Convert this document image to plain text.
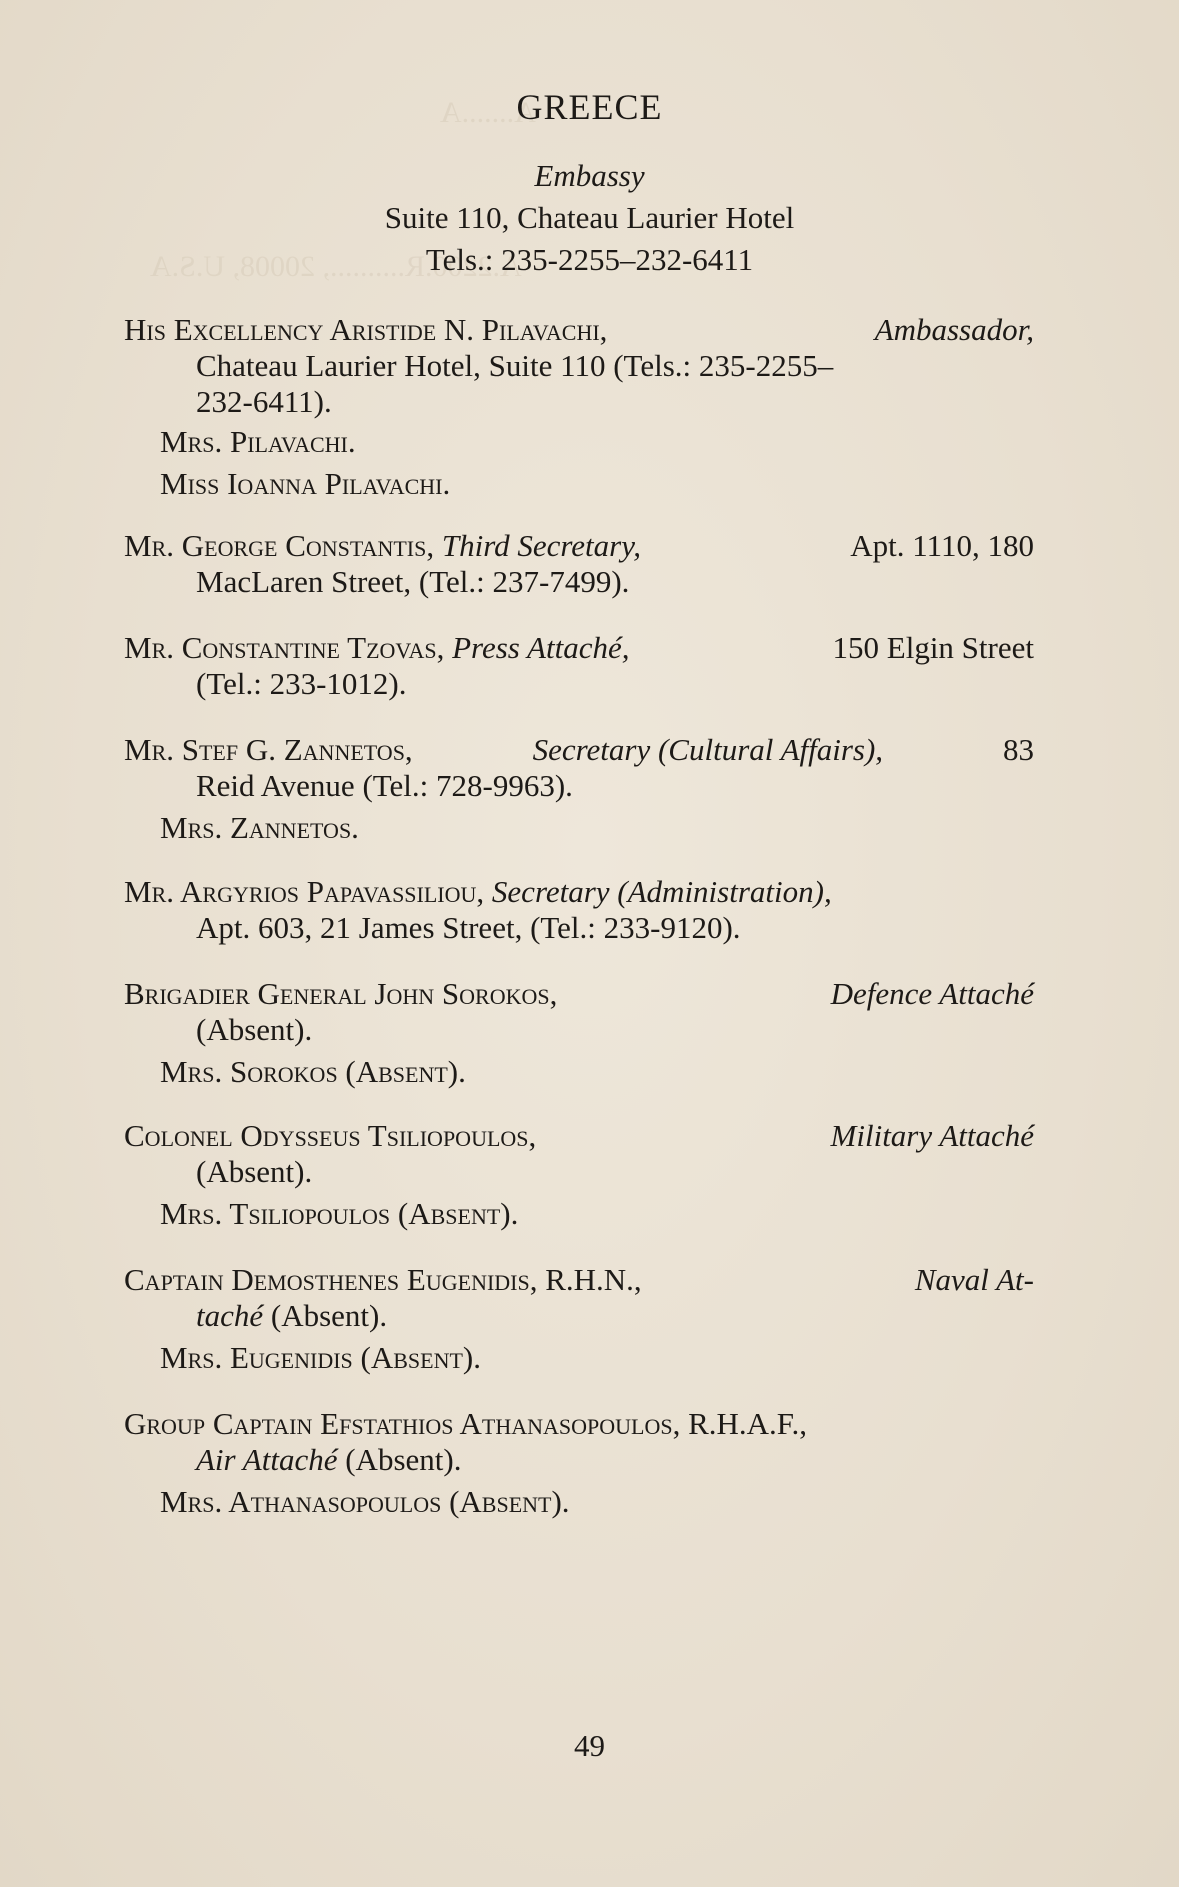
A.......A
A.2200.R.........., 20008, U.S.A
GREECE
Embassy
Suite 110, Chateau Laurier Hotel
Tels.: 235-2255–232-6411
His Excellency Aristide N. Pilavachi,	Ambassador,
Chateau Laurier Hotel, Suite 110 (Tels.: 235-2255–
232-6411).
Mrs. Pilavachi.
Miss Ioanna Pilavachi.
Mr. George Constantis, Third Secretary,	Apt. 1110, 180
MacLaren Street, (Tel.: 237-7499).
Mr. Constantine Tzovas, Press Attaché,	150 Elgin Street
(Tel.: 233-1012).
Mr. Stef G. Zannetos,	Secretary (Cultural Affairs),	83
Reid Avenue (Tel.: 728-9963).
Mrs. Zannetos.
Mr. Argyrios Papavassiliou, Secretary (Administration),
Apt. 603, 21 James Street, (Tel.: 233-9120).
Brigadier General John Sorokos,	Defence Attaché
(Absent).
Mrs. Sorokos (Absent).
Colonel Odysseus Tsiliopoulos,	Military Attaché
(Absent).
Mrs. Tsiliopoulos (Absent).
Captain Demosthenes Eugenidis, R.H.N.,	Naval At-
taché (Absent).
Mrs. Eugenidis (Absent).
Group Captain Efstathios Athanasopoulos, R.H.A.F.,
Air Attaché (Absent).
Mrs. Athanasopoulos (Absent).
49
